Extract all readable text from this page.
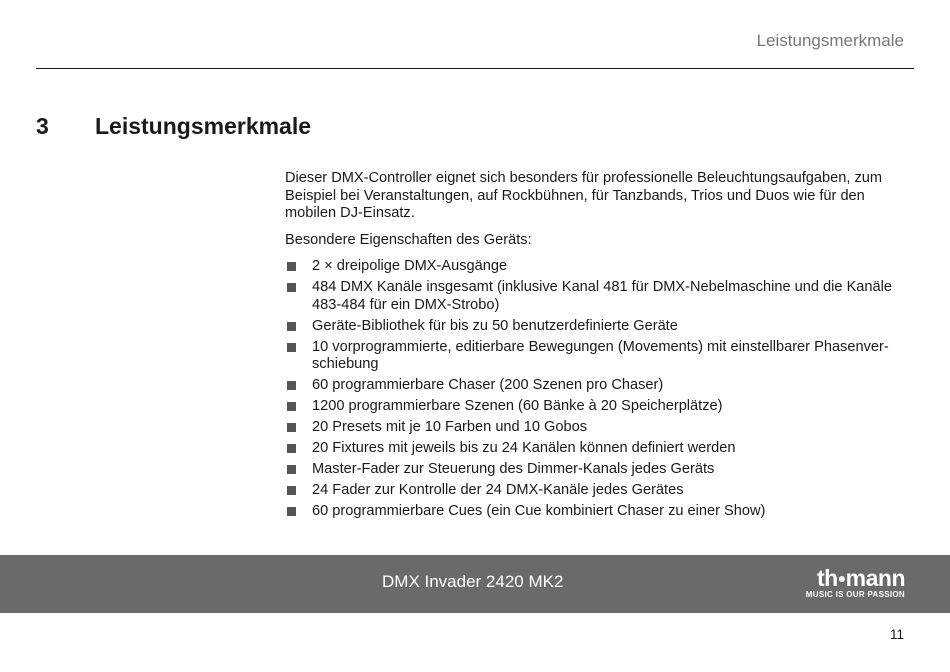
Leistungsmerkmale
3 Leistungsmerkmale

Dieser DMX-Controller eignet sich besonders für professionelle Beleuchtungsaufgaben, zum Beispiel bei Veranstaltungen, auf Rockbühnen, für Tanzbands, Trios und Duos wie für den mobilen DJ-Einsatz.

Besondere Eigenschaften des Geräts:

2 × dreipolige DMX-Ausgänge
484 DMX Kanäle insgesamt (inklusive Kanal 481 für DMX-Nebelmaschine und die Kanäle 483-484 für ein DMX-Strobo)
Geräte-Bibliothek für bis zu 50 benutzerdefinierte Geräte
10 vorprogrammierte, editierbare Bewegungen (Movements) mit einstellbarer Phasenverschiebung
60 programmierbare Chaser (200 Szenen pro Chaser)
1200 programmierbare Szenen (60 Bänke à 20 Speicherplätze)
20 Presets mit je 10 Farben und 10 Gobos
20 Fixtures mit jeweils bis zu 24 Kanälen können definiert werden
Master-Fader zur Steuerung des Dimmer-Kanals jedes Geräts
24 Fader zur Kontrolle der 24 DMX-Kanäle jedes Gerätes
60 programmierbare Cues (ein Cue kombiniert Chaser zu einer Show)
DMX Invader 2420 MK2	th●mann
MUSIC IS OUR PASSION
11
